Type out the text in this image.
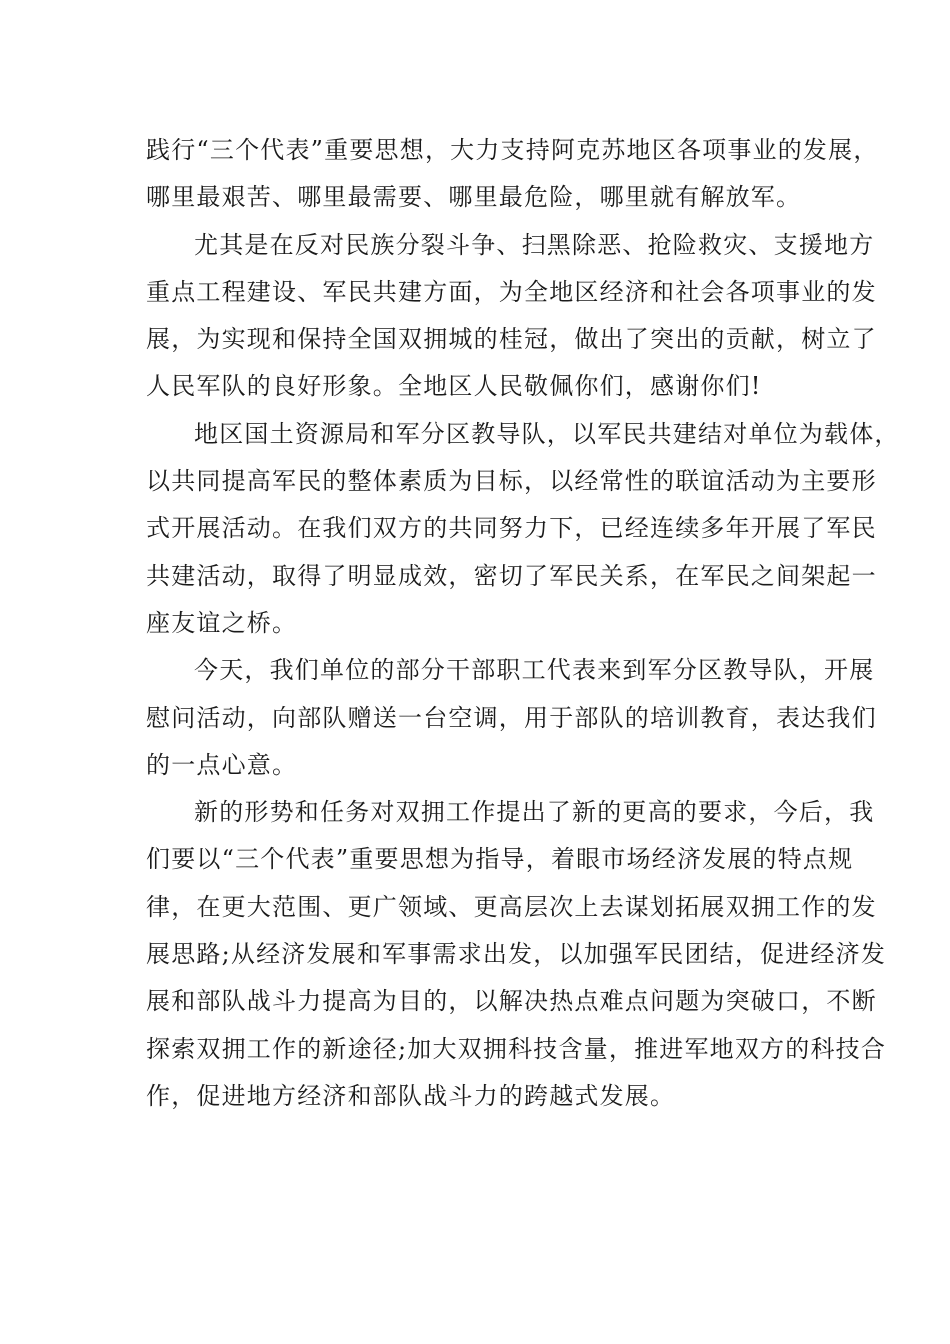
践行“三个代表”重要思想，大力支持阿克苏地区各项事业的发展，
哪里最艰苦、哪里最需要、哪里最危险，哪里就有解放军。

尤其是在反对民族分裂斗争、扫黑除恶、抢险救灾、支援地方
重点工程建设、军民共建方面，为全地区经济和社会各项事业的发
展，为实现和保持全国双拥城的桂冠，做出了突出的贡献，树立了
人民军队的良好形象。全地区人民敬佩你们，感谢你们!

地区国土资源局和军分区教导队，以军民共建结对单位为载体，
以共同提高军民的整体素质为目标，以经常性的联谊活动为主要形
式开展活动。在我们双方的共同努力下，已经连续多年开展了军民
共建活动，取得了明显成效，密切了军民关系，在军民之间架起一
座友谊之桥。

今天，我们单位的部分干部职工代表来到军分区教导队，开展
慰问活动，向部队赠送一台空调，用于部队的培训教育，表达我们
的一点心意。

新的形势和任务对双拥工作提出了新的更高的要求，今后，我
们要以“三个代表”重要思想为指导，着眼市场经济发展的特点规
律，在更大范围、更广领域、更高层次上去谋划拓展双拥工作的发
展思路;从经济发展和军事需求出发，以加强军民团结，促进经济发
展和部队战斗力提高为目的，以解决热点难点问题为突破口，不断
探索双拥工作的新途径;加大双拥科技含量，推进军地双方的科技合
作，促进地方经济和部队战斗力的跨越式发展。
